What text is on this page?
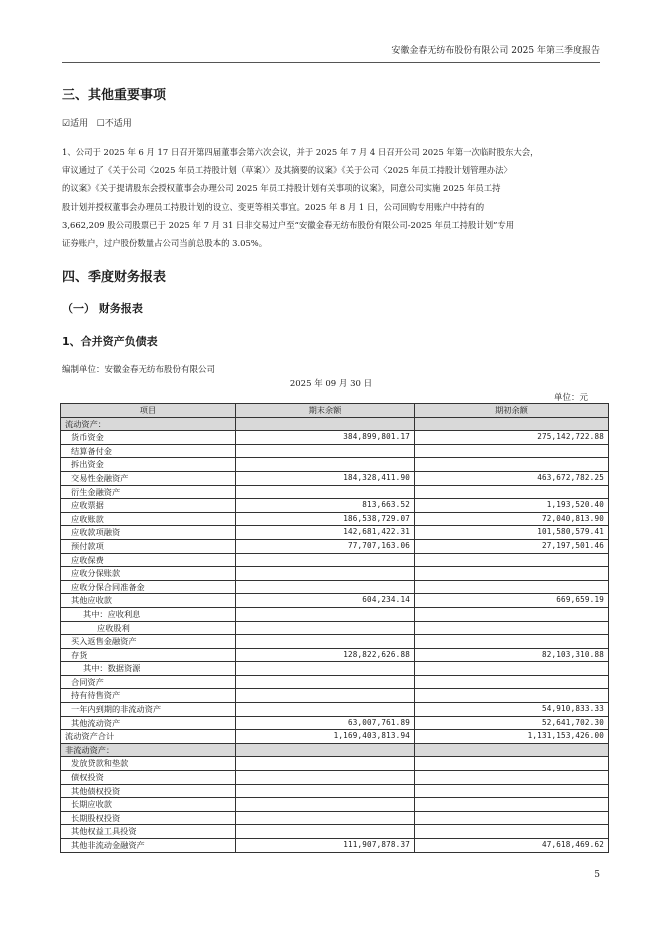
安徽金春无纺布股份有限公司 2025 年第三季度报告
三、其他重要事项
☑适用 ☐不适用
1、公司于 2025 年 6 月 17 日召开第四届董事会第六次会议，并于 2025 年 7 月 4 日召开公司 2025 年第一次临时股东大会，
审议通过了《关于公司〈2025 年员工持股计划（草案）〉及其摘要的议案》《关于公司〈2025 年员工持股计划管理办法〉
的议案》《关于提请股东会授权董事会办理公司 2025 年员工持股计划有关事项的议案》，同意公司实施 2025 年员工持
股计划并授权董事会办理员工持股计划的设立、变更等相关事宜。2025 年 8 月 1 日，公司回购专用账户中持有的
3,662,209 股公司股票已于 2025 年 7 月 31 日非交易过户至“安徽金春无纺布股份有限公司-2025 年员工持股计划”专用
证券账户，过户股份数量占公司当前总股本的 3.05%。
四、季度财务报表
（一） 财务报表
1、合并资产负债表
编制单位：安徽金春无纺布股份有限公司
2025 年 09 月 30 日
单位：元
项目	期末余额	期初余额
流动资产：		
货币资金	384,899,801.17	275,142,722.88
结算备付金		
拆出资金		
交易性金融资产	184,328,411.90	463,672,782.25
衍生金融资产		
应收票据	813,663.52	1,193,520.40
应收账款	186,538,729.07	72,040,813.90
应收款项融资	142,681,422.31	101,580,579.41
预付款项	77,707,163.06	27,197,501.46
应收保费		
应收分保账款		
应收分保合同准备金		
其他应收款	604,234.14	669,659.19
其中：应收利息		
应收股利		
买入返售金融资产		
存货	128,822,626.88	82,103,310.88
其中：数据资源		
合同资产		
持有待售资产		
一年内到期的非流动资产		54,910,833.33
其他流动资产	63,007,761.89	52,641,702.30
流动资产合计	1,169,403,813.94	1,131,153,426.00
非流动资产：		
发放贷款和垫款		
债权投资		
其他债权投资		
长期应收款		
长期股权投资		
其他权益工具投资		
其他非流动金融资产	111,907,878.37	47,618,469.62
5
